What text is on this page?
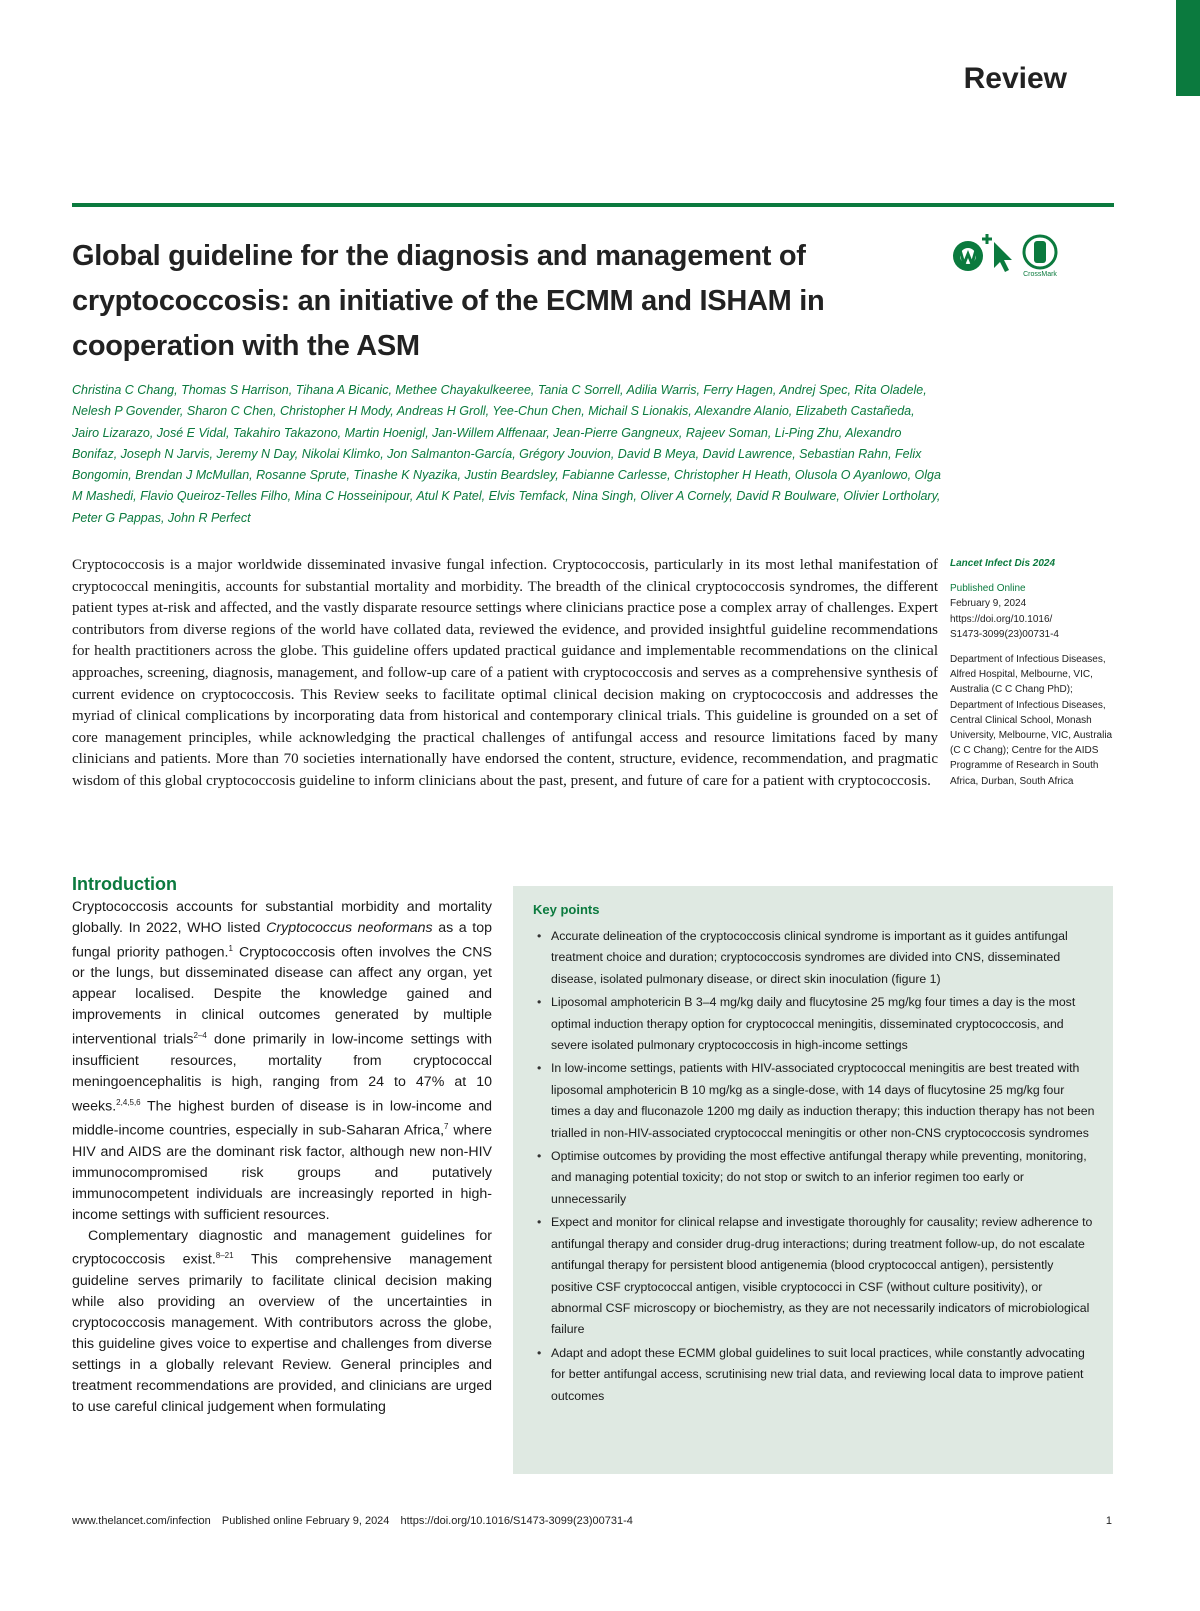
Review
Global guideline for the diagnosis and management of cryptococcosis: an initiative of the ECMM and ISHAM in cooperation with the ASM
CrossMark
Christina C Chang, Thomas S Harrison, Tihana A Bicanic, Methee Chayakulkeeree, Tania C Sorrell, Adilia Warris, Ferry Hagen, Andrej Spec, Rita Oladele, Nelesh P Govender, Sharon C Chen, Christopher H Mody, Andreas H Groll, Yee-Chun Chen, Michail S Lionakis, Alexandre Alanio, Elizabeth Castañeda, Jairo Lizarazo, José E Vidal, Takahiro Takazono, Martin Hoenigl, Jan-Willem Alffenaar, Jean-Pierre Gangneux, Rajeev Soman, Li-Ping Zhu, Alexandro Bonifaz, Joseph N Jarvis, Jeremy N Day, Nikolai Klimko, Jon Salmanton-García, Grégory Jouvion, David B Meya, David Lawrence, Sebastian Rahn, Felix Bongomin, Brendan J McMullan, Rosanne Sprute, Tinashe K Nyazika, Justin Beardsley, Fabianne Carlesse, Christopher H Heath, Olusola O Ayanlowo, Olga M Mashedi, Flavio Queiroz-Telles Filho, Mina C Hosseinipour, Atul K Patel, Elvis Temfack, Nina Singh, Oliver A Cornely, David R Boulware, Olivier Lortholary, Peter G Pappas, John R Perfect
Cryptococcosis is a major worldwide disseminated invasive fungal infection. Cryptococcosis, particularly in its most lethal manifestation of cryptococcal meningitis, accounts for substantial mortality and morbidity. The breadth of the clinical cryptococcosis syndromes, the different patient types at-risk and affected, and the vastly disparate resource settings where clinicians practice pose a complex array of challenges. Expert contributors from diverse regions of the world have collated data, reviewed the evidence, and provided insightful guideline recommendations for health practitioners across the globe. This guideline offers updated practical guidance and implementable recommendations on the clinical approaches, screening, diagnosis, management, and follow-up care of a patient with cryptococcosis and serves as a comprehensive synthesis of current evidence on cryptococcosis. This Review seeks to facilitate optimal clinical decision making on cryptococcosis and addresses the myriad of clinical complications by incorporating data from historical and contemporary clinical trials. This guideline is grounded on a set of core management principles, while acknowledging the practical challenges of antifungal access and resource limitations faced by many clinicians and patients. More than 70 societies internationally have endorsed the content, structure, evidence, recommendation, and pragmatic wisdom of this global cryptococcosis guideline to inform clinicians about the past, present, and future of care for a patient with cryptococcosis.
Lancet Infect Dis 2024
Published Online
February 9, 2024
https://doi.org/10.1016/
S1473-3099(23)00731-4
Department of Infectious Diseases, Alfred Hospital, Melbourne, VIC, Australia (C C Chang PhD); Department of Infectious Diseases, Central Clinical School, Monash University, Melbourne, VIC, Australia (C C Chang); Centre for the AIDS Programme of Research in South Africa, Durban, South Africa
Introduction

Cryptococcosis accounts for substantial morbidity and mortality globally. In 2022, WHO listed Cryptococcus neoformans as a top fungal priority pathogen.$^1$ Cryptococcosis often involves the CNS or the lungs, but disseminated disease can affect any organ, yet appear localised. Despite the knowledge gained and improvements in clinical outcomes generated by multiple interventional trials$^{2-4}$ done primarily in low-income settings with insufficient resources, mortality from cryptococcal meningoencephalitis is high, ranging from 24 to 47% at 10 weeks.$^{2,4,5,6}$ The highest burden of disease is in low-income and middle-income countries, especially in sub-Saharan Africa,$^7$ where HIV and AIDS are the dominant risk factor, although new non-HIV immunocompromised risk groups and putatively immunocompetent individuals are increasingly reported in high-income settings with sufficient resources.

Complementary diagnostic and management guidelines for cryptococcosis exist.$^{8-21}$ This comprehensive management guideline serves primarily to facilitate clinical decision making while also providing an overview of the uncertainties in cryptococcosis management. With contributors across the globe, this guideline gives voice to expertise and challenges from diverse settings in a globally relevant Review. General principles and treatment recommendations are provided, and clinicians are urged to use careful clinical judgement when formulating

Key points
• Accurate delineation of the cryptococcosis clinical syndrome is important as it guides antifungal treatment choice and duration; cryptococcosis syndromes are divided into CNS, disseminated disease, isolated pulmonary disease, or direct skin inoculation (figure 1)
• Liposomal amphotericin B 3–4 mg/kg daily and flucytosine 25 mg/kg four times a day is the most optimal induction therapy option for cryptococcal meningitis, disseminated cryptococcosis, and severe isolated pulmonary cryptococcosis in high-income settings
• In low-income settings, patients with HIV-associated cryptococcal meningitis are best treated with liposomal amphotericin B 10 mg/kg as a single-dose, with 14 days of flucytosine 25 mg/kg four times a day and fluconazole 1200 mg daily as induction therapy; this induction therapy has not been trialled in non-HIV-associated cryptococcal meningitis or other non-CNS cryptococcosis syndromes
• Optimise outcomes by providing the most effective antifungal therapy while preventing, monitoring, and managing potential toxicity; do not stop or switch to an inferior regimen too early or unnecessarily
• Expect and monitor for clinical relapse and investigate thoroughly for causality; review adherence to antifungal therapy and consider drug-drug interactions; during treatment follow-up, do not escalate antifungal therapy for persistent blood antigenemia (blood cryptococcal antigen), persistently positive CSF cryptococcal antigen, visible cryptococci in CSF (without culture positivity), or abnormal CSF microscopy or biochemistry, as they are not necessarily indicators of microbiological failure
• Adapt and adopt these ECMM global guidelines to suit local practices, while constantly advocating for better antifungal access, scrutinising new trial data, and reviewing local data to improve patient outcomes
www.thelancet.com/infection Published online February 9, 2024 https://doi.org/10.1016/S1473-3099(23)00731-4	1
